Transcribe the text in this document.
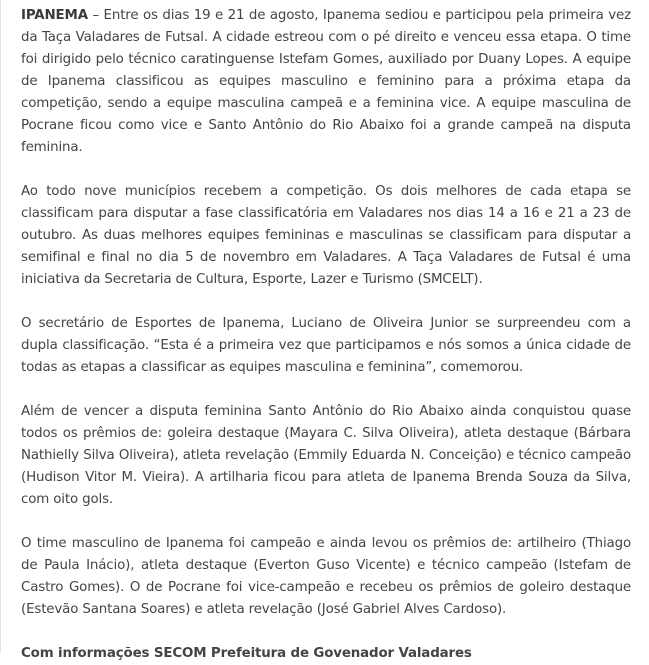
IPANEMA – Entre os dias 19 e 21 de agosto, Ipanema sediou e participou pela primeira vez da Taça Valadares de Futsal. A cidade estreou com o pé direito e venceu essa etapa. O time foi dirigido pelo técnico caratinguense Istefam Gomes, auxiliado por Duany Lopes. A equipe de Ipanema classificou as equipes masculino e feminino para a próxima etapa da competição, sendo a equipe masculina campeã e a feminina vice. A equipe masculina de Pocrane ficou como vice e Santo Antônio do Rio Abaixo foi a grande campeã na disputa feminina.

Ao todo nove municípios recebem a competição. Os dois melhores de cada etapa se classificam para disputar a fase classificatória em Valadares nos dias 14 a 16 e 21 a 23 de outubro. As duas melhores equipes femininas e masculinas se classificam para disputar a semifinal e final no dia 5 de novembro em Valadares. A Taça Valadares de Futsal é uma iniciativa da Secretaria de Cultura, Esporte, Lazer e Turismo (SMCELT).

O secretário de Esportes de Ipanema, Luciano de Oliveira Junior se surpreendeu com a dupla classificação. “Esta é a primeira vez que participamos e nós somos a única cidade de todas as etapas a classificar as equipes masculina e feminina”, comemorou.

Além de vencer a disputa feminina Santo Antônio do Rio Abaixo ainda conquistou quase todos os prêmios de: goleira destaque (Mayara C. Silva Oliveira), atleta destaque (Bárbara Nathielly Silva Oliveira), atleta revelação (Emmily Eduarda N. Conceição) e técnico campeão (Hudison Vitor M. Vieira). A artilharia ficou para atleta de Ipanema Brenda Souza da Silva, com oito gols.

O time masculino de Ipanema foi campeão e ainda levou os prêmios de: artilheiro (Thiago de Paula Inácio), atleta destaque (Everton Guso Vicente) e técnico campeão (Istefam de Castro Gomes). O de Pocrane foi vice-campeão e recebeu os prêmios de goleiro destaque (Estevão Santana Soares) e atleta revelação (José Gabriel Alves Cardoso).

Com informações SECOM Prefeitura de Govenador Valadares
